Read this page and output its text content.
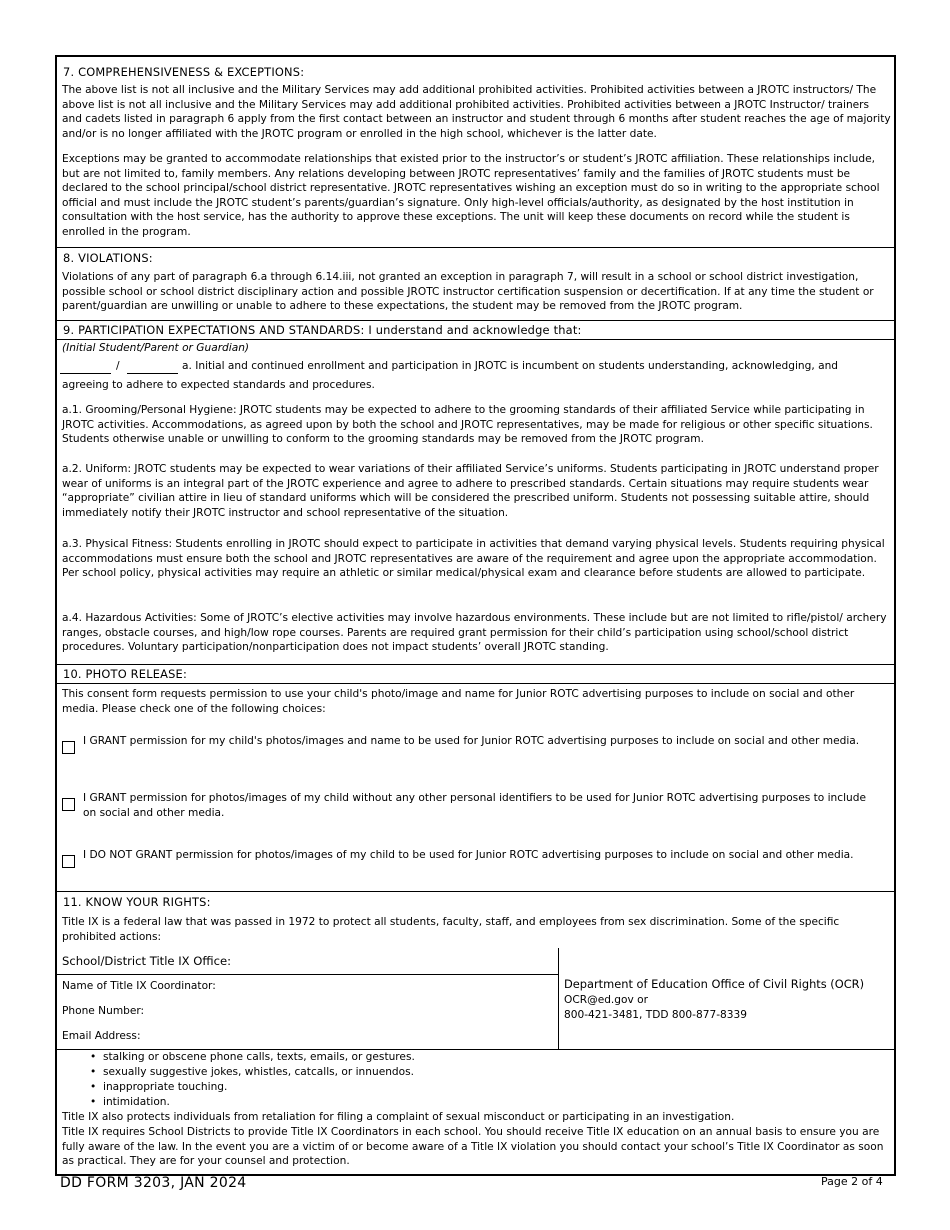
7. COMPREHENSIVENESS & EXCEPTIONS:
The above list is not all inclusive and the Military Services may add additional prohibited activities. Prohibited activities between a JROTC instructors/ The above list is not all inclusive and the Military Services may add additional prohibited activities. Prohibited activities between a JROTC Instructor/ trainers and cadets listed in paragraph 6 apply from the first contact between an instructor and student through 6 months after student reaches the age of majority and/or is no longer affiliated with the JROTC program or enrolled in the high school, whichever is the latter date.
Exceptions may be granted to accommodate relationships that existed prior to the instructor’s or student’s JROTC affiliation. These relationships include, but are not limited to, family members. Any relations developing between JROTC representatives’ family and the families of JROTC students must be declared to the school principal/school district representative. JROTC representatives wishing an exception must do so in writing to the appropriate school official and must include the JROTC student’s parents/guardian’s signature. Only high-level officials/authority, as designated by the host institution in consultation with the host service, has the authority to approve these exceptions. The unit will keep these documents on record while the student is enrolled in the program.
8. VIOLATIONS:
Violations of any part of paragraph 6.a through 6.14.iii, not granted an exception in paragraph 7, will result in a school or school district investigation, possible school or school district disciplinary action and possible JROTC instructor certification suspension or decertification. If at any time the student or parent/guardian are unwilling or unable to adhere to these expectations, the student may be removed from the JROTC program.
9. PARTICIPATION EXPECTATIONS AND STANDARDS: I understand and acknowledge that:
(Initial Student/Parent or Guardian)
/	a. Initial and continued enrollment and participation in JROTC is incumbent on students understanding, acknowledging, and
agreeing to adhere to expected standards and procedures.
a.1. Grooming/Personal Hygiene: JROTC students may be expected to adhere to the grooming standards of their affiliated Service while participating in JROTC activities. Accommodations, as agreed upon by both the school and JROTC representatives, may be made for religious or other specific situations. Students otherwise unable or unwilling to conform to the grooming standards may be removed from the JROTC program.
a.2. Uniform: JROTC students may be expected to wear variations of their affiliated Service’s uniforms. Students participating in JROTC understand proper wear of uniforms is an integral part of the JROTC experience and agree to adhere to prescribed standards. Certain situations may require students wear “appropriate” civilian attire in lieu of standard uniforms which will be considered the prescribed uniform. Students not possessing suitable attire, should immediately notify their JROTC instructor and school representative of the situation.
a.3. Physical Fitness: Students enrolling in JROTC should expect to participate in activities that demand varying physical levels. Students requiring physical accommodations must ensure both the school and JROTC representatives are aware of the requirement and agree upon the appropriate accommodation. Per school policy, physical activities may require an athletic or similar medical/physical exam and clearance before students are allowed to participate.
a.4. Hazardous Activities: Some of JROTC’s elective activities may involve hazardous environments. These include but are not limited to rifle/pistol/ archery ranges, obstacle courses, and high/low rope courses. Parents are required grant permission for their child’s participation using school/school district procedures. Voluntary participation/nonparticipation does not impact students’ overall JROTC standing.
10. PHOTO RELEASE:
This consent form requests permission to use your child's photo/image and name for Junior ROTC advertising purposes to include on social and other media. Please check one of the following choices:
I GRANT permission for my child's photos/images and name to be used for Junior ROTC advertising purposes to include on social and other media.
I GRANT permission for photos/images of my child without any other personal identifiers to be used for Junior ROTC advertising purposes to include on social and other media.
I DO NOT GRANT permission for photos/images of my child to be used for Junior ROTC advertising purposes to include on social and other media.
11. KNOW YOUR RIGHTS:
Title IX is a federal law that was passed in 1972 to protect all students, faculty, staff, and employees from sex discrimination. Some of the specific prohibited actions:
School/District Title IX Office:
Name of Title IX Coordinator:
Phone Number:
Email Address:
Department of Education Office of Civil Rights (OCR)
OCR@ed.gov or
800-421-3481, TDD 800-877-8339
• stalking or obscene phone calls, texts, emails, or gestures.
• sexually suggestive jokes, whistles, catcalls, or innuendos.
• inappropriate touching.
• intimidation.
Title IX also protects individuals from retaliation for filing a complaint of sexual misconduct or participating in an investigation.
Title IX requires School Districts to provide Title IX Coordinators in each school. You should receive Title IX education on an annual basis to ensure you are fully aware of the law. In the event you are a victim of or become aware of a Title IX violation you should contact your school’s Title IX Coordinator as soon as practical. They are for your counsel and protection.
DD FORM 3203, JAN 2024	Page 2 of 4
